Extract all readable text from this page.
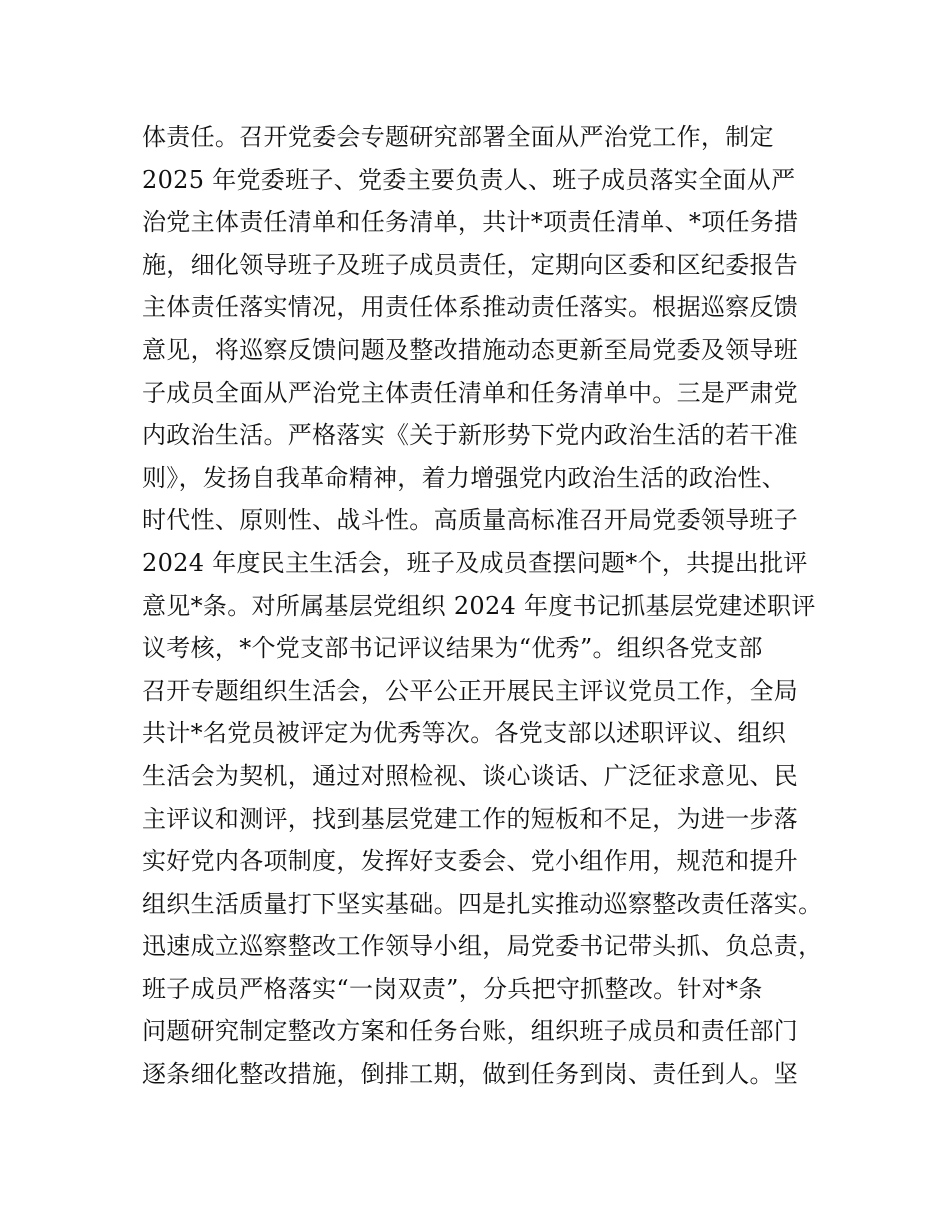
体责任。召开党委会专题研究部署全面从严治党工作，制定
2025 年党委班子、党委主要负责人、班子成员落实全面从严
治党主体责任清单和任务清单，共计*项责任清单、*项任务措
施，细化领导班子及班子成员责任，定期向区委和区纪委报告
主体责任落实情况，用责任体系推动责任落实。根据巡察反馈
意见，将巡察反馈问题及整改措施动态更新至局党委及领导班
子成员全面从严治党主体责任清单和任务清单中。三是严肃党
内政治生活。严格落实《关于新形势下党内政治生活的若干准
则》，发扬自我革命精神，着力增强党内政治生活的政治性、
时代性、原则性、战斗性。高质量高标准召开局党委领导班子
2024 年度民主生活会，班子及成员查摆问题*个，共提出批评
意见*条。对所属基层党组织 2024 年度书记抓基层党建述职评
议考核，*个党支部书记评议结果为“优秀”。组织各党支部
召开专题组织生活会，公平公正开展民主评议党员工作，全局
共计*名党员被评定为优秀等次。各党支部以述职评议、组织
生活会为契机，通过对照检视、谈心谈话、广泛征求意见、民
主评议和测评，找到基层党建工作的短板和不足，为进一步落
实好党内各项制度，发挥好支委会、党小组作用，规范和提升
组织生活质量打下坚实基础。四是扎实推动巡察整改责任落实。
迅速成立巡察整改工作领导小组，局党委书记带头抓、负总责，
班子成员严格落实“一岗双责”，分兵把守抓整改。针对*条
问题研究制定整改方案和任务台账，组织班子成员和责任部门
逐条细化整改措施，倒排工期，做到任务到岗、责任到人。坚
